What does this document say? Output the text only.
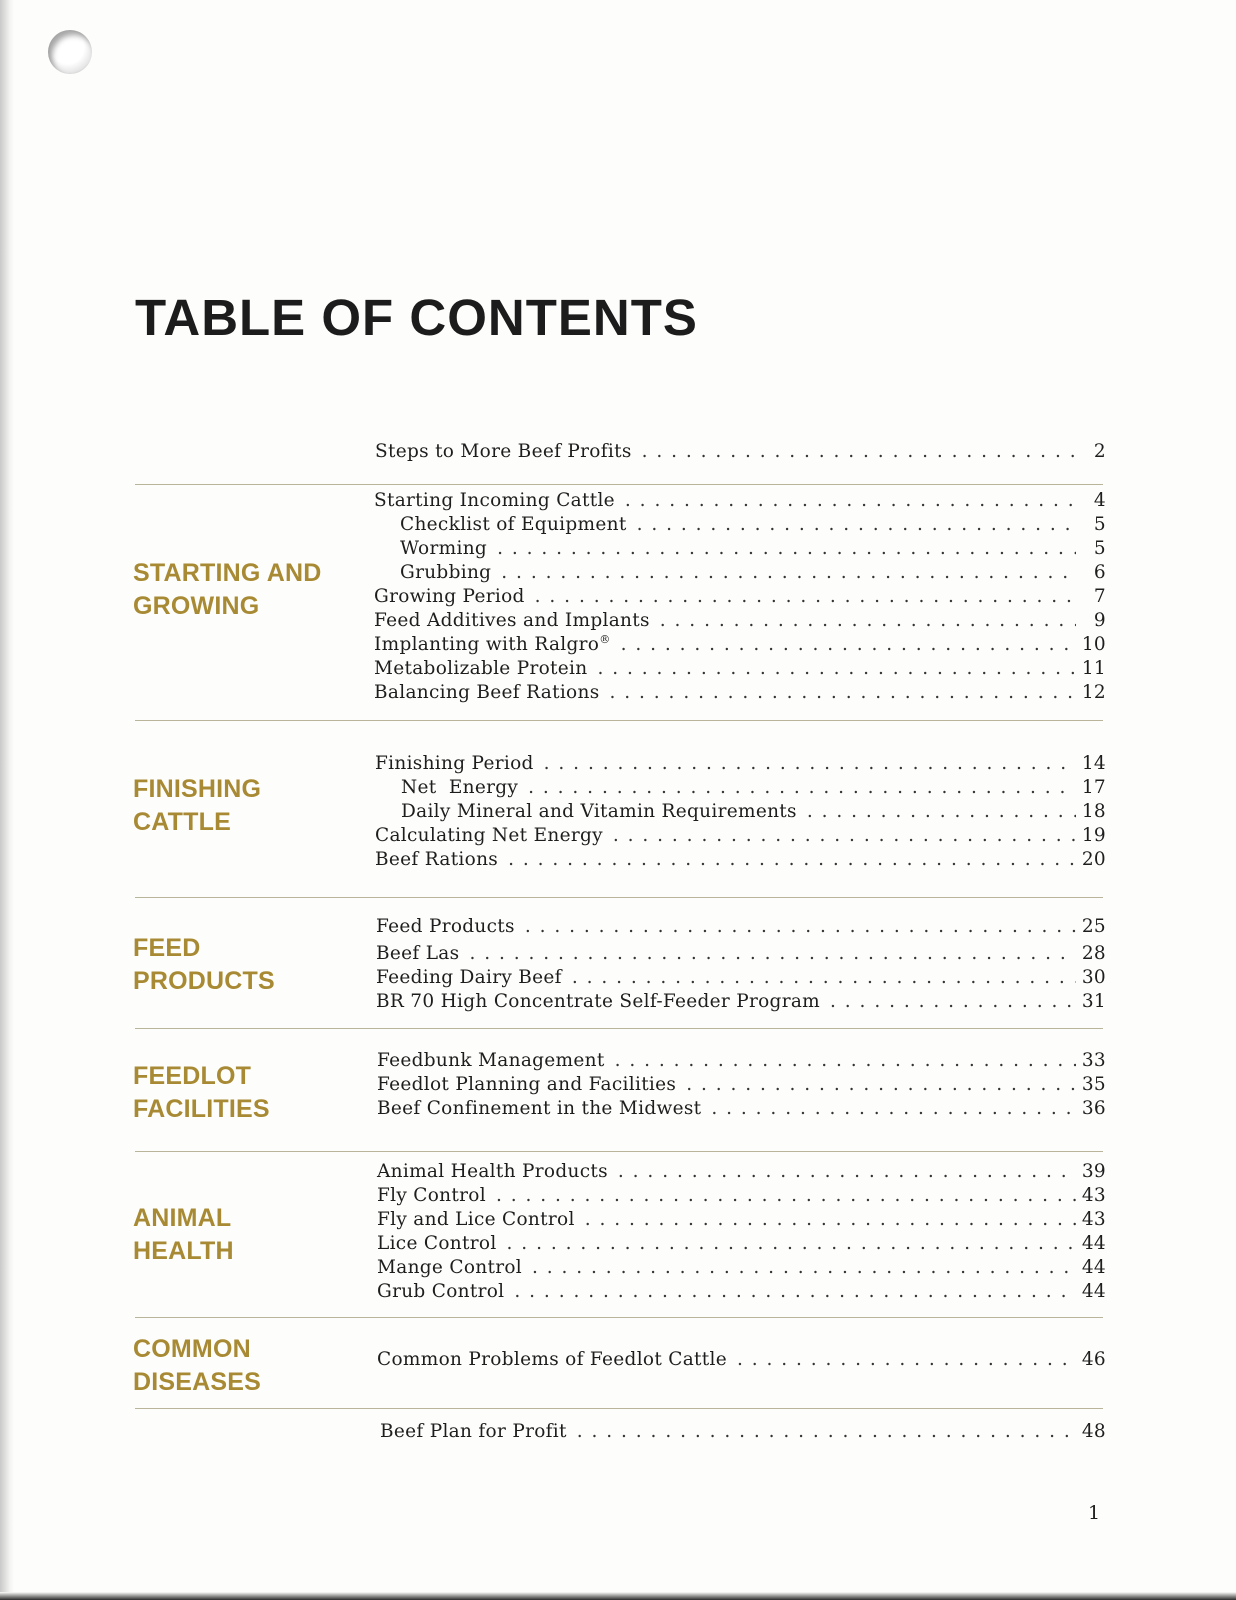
TABLE OF CONTENTS
Steps to More Beef Profits . . .	2
STARTING AND
GROWING
Starting Incoming Cattle . . .	4
Checklist of Equipment . . .	5
Worming . . .	5
Grubbing . . .	6
Growing Period . . .	7
Feed Additives and Implants . . .	9
Implanting with Ralgro® . . .	10
Metabolizable Protein . . .	11
Balancing Beef Rations . . .	12
FINISHING
CATTLE
Finishing Period . . .	14
Net  Energy . . .	17
Daily Mineral and Vitamin Requirements . . .	18
Calculating Net Energy . . .	19
Beef Rations . . .	20
FEED
PRODUCTS
Feed Products . . .	25
Beef Las . . .	28
Feeding Dairy Beef . . .	30
BR 70 High Concentrate Self-Feeder Program . . .	31
FEEDLOT
FACILITIES
Feedbunk Management . . .	33
Feedlot Planning and Facilities . . .	35
Beef Confinement in the Midwest . . .	36
ANIMAL
HEALTH
Animal Health Products . . .	39
Fly Control . . .	43
Fly and Lice Control . . .	43
Lice Control . . .	44
Mange Control . . .	44
Grub Control . . .	44
COMMON
DISEASES
Common Problems of Feedlot Cattle . . .	46
Beef Plan for Profit . . .	48
1
